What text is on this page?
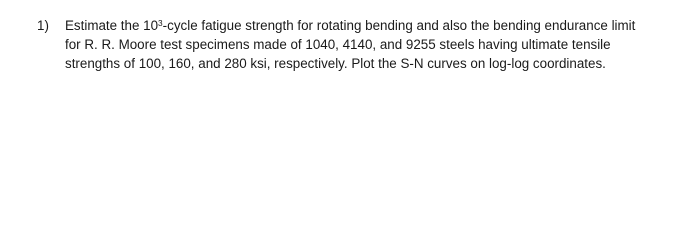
1)	Estimate the $10^3$-cycle fatigue strength for rotating bending and also the bending endurance limit
for R. R. Moore test specimens made of 1040, 4140, and 9255 steels having ultimate tensile
strengths of 100, 160, and 280 ksi, respectively. Plot the S-N curves on log-log coordinates.
